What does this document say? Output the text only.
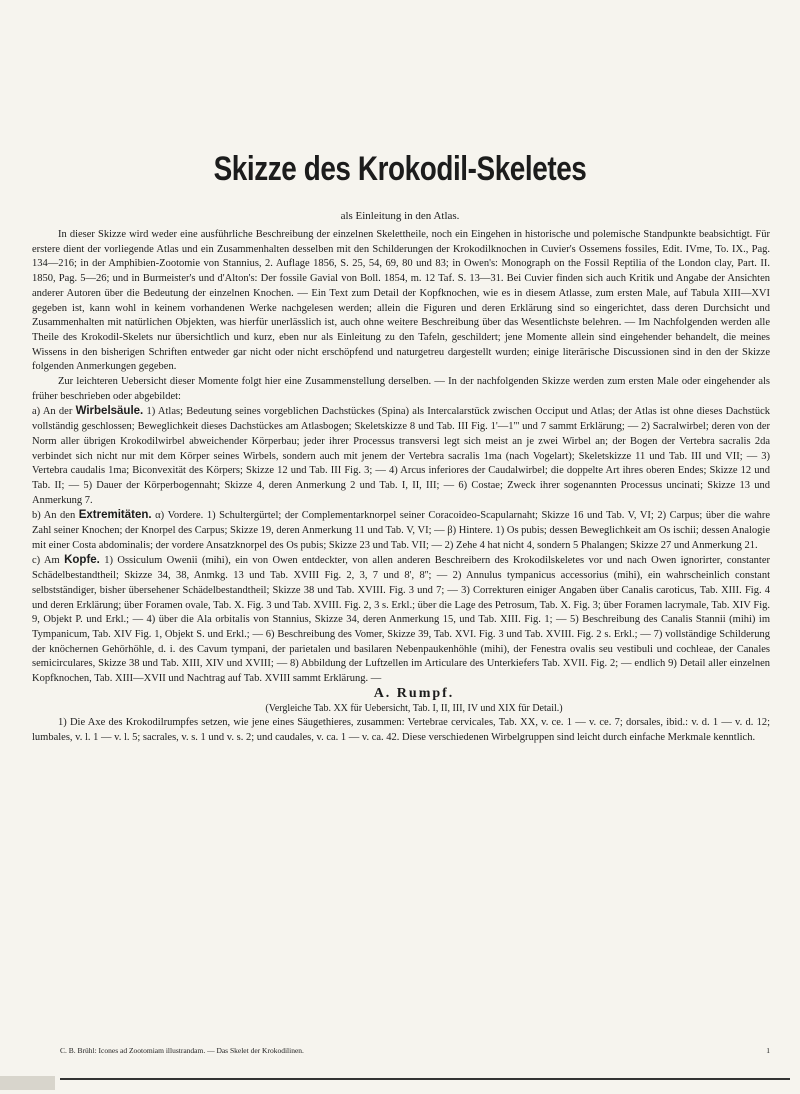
Skizze des Krokodil-Skeletes
als Einleitung in den Atlas.

In dieser Skizze wird weder eine ausführliche Beschreibung der einzelnen Skelettheile, noch ein Eingehen in historische und polemische Standpunkte beabsichtigt. Für erstere dient der vorliegende Atlas und ein Zusammenhalten desselben mit den Schilderungen der Krokodilknochen in Cuvier's Ossemens fossiles, Edit. IVme, To. IX., Pag. 134—216; in der Amphibien-Zootomie von Stannius, 2. Auflage 1856, S. 25, 54, 69, 80 und 83; in Owen's: Monograph on the Fossil Reptilia of the London clay, Part. II. 1850, Pag. 5—26; und in Burmeister's und d'Alton's: Der fossile Gavial von Boll. 1854, m. 12 Taf. S. 13—31. Bei Cuvier finden sich auch Kritik und Angabe der Ansichten anderer Autoren über die Bedeutung der einzelnen Knochen. — Ein Text zum Detail der Kopfknochen, wie es in diesem Atlasse, zum ersten Male, auf Tabula XIII—XVI gegeben ist, kann wohl in keinem vorhandenen Werke nachgelesen werden; allein die Figuren und deren Erklärung sind so eingerichtet, dass deren Durchsicht und Zusammenhalten mit natürlichen Objekten, was hierfür unerlässlich ist, auch ohne weitere Beschreibung über das Wesentlichste belehren. — Im Nachfolgenden werden alle Theile des Krokodil-Skelets nur übersichtlich und kurz, eben nur als Einleitung zu den Tafeln, geschildert; jene Momente allein sind eingehender behandelt, die meines Wissens in den bisherigen Schriften entweder gar nicht oder nicht erschöpfend und naturgetreu dargestellt wurden; einige literärische Discussionen sind in den der Skizze folgenden Anmerkungen gegeben.

Zur leichteren Uebersicht dieser Momente folgt hier eine Zusammenstellung derselben. — In der nachfolgenden Skizze werden zum ersten Male oder eingehender als früher beschrieben oder abgebildet:

a) An der Wirbelsäule. 1) Atlas; Bedeutung seines vorgeblichen Dachstückes (Spina) als Intercalarstück zwischen Occiput und Atlas; der Atlas ist ohne dieses Dachstück vollständig geschlossen; Beweglichkeit dieses Dachstückes am Atlasbogen; Skeletskizze 8 und Tab. III Fig. 1'—1''' und 7 sammt Erklärung; — 2) Sacralwirbel; deren von der Norm aller übrigen Krokodilwirbel abweichender Körperbau; jeder ihrer Processus transversi legt sich meist an je zwei Wirbel an; der Bogen der Vertebra sacralis 2da verbindet sich nicht nur mit dem Körper seines Wirbels, sondern auch mit jenem der Vertebra sacralis 1ma (nach Vogelart); Skeletskizze 11 und Tab. III und VII; — 3) Vertebra caudalis 1ma; Biconvexität des Körpers; Skizze 12 und Tab. III Fig. 3; — 4) Arcus inferiores der Caudalwirbel; die doppelte Art ihres oberen Endes; Skizze 12 und Tab. II; — 5) Dauer der Körperbogennaht; Skizze 4, deren Anmerkung 2 und Tab. I, II, III; — 6) Costae; Zweck ihrer sogenannten Processus uncinati; Skizze 13 und Anmerkung 7.

b) An den Extremitäten. α) Vordere. 1) Schultergürtel; der Complementarknorpel seiner Coracoideo-Scapularnaht; Skizze 16 und Tab. V, VI; 2) Carpus; über die wahre Zahl seiner Knochen; der Knorpel des Carpus; Skizze 19, deren Anmerkung 11 und Tab. V, VI; — β) Hintere. 1) Os pubis; dessen Beweglichkeit am Os ischii; dessen Analogie mit einer Costa abdominalis; der vordere Ansatzknorpel des Os pubis; Skizze 23 und Tab. VII; — 2) Zehe 4 hat nicht 4, sondern 5 Phalangen; Skizze 27 und Anmerkung 21.

c) Am Kopfe. 1) Ossiculum Owenii (mihi), ein von Owen entdeckter, von allen anderen Beschreibern des Krokodilskeletes vor und nach Owen ignorirter, constanter Schädelbestandtheil; Skizze 34, 38, Anmkg. 13 und Tab. XVIII Fig. 2, 3, 7 und 8', 8''; — 2) Annulus tympanicus accessorius (mihi), ein wahrscheinlich constant selbstständiger, bisher übersehener Schädelbestandtheil; Skizze 38 und Tab. XVIII. Fig. 3 und 7; — 3) Correkturen einiger Angaben über Canalis caroticus, Tab. XIII. Fig. 4 und deren Erklärung; über Foramen ovale, Tab. X. Fig. 3 und Tab. XVIII. Fig. 2, 3 s. Erkl.; über die Lage des Petrosum, Tab. X. Fig. 3; über Foramen lacrymale, Tab. XIV Fig. 9, Objekt P. und Erkl.; — 4) über die Ala orbitalis von Stannius, Skizze 34, deren Anmerkung 15, und Tab. XIII. Fig. 1; — 5) Beschreibung des Canalis Stannii (mihi) im Tympanicum, Tab. XIV Fig. 1, Objekt S. und Erkl.; — 6) Beschreibung des Vomer, Skizze 39, Tab. XVI. Fig. 3 und Tab. XVIII. Fig. 2 s. Erkl.; — 7) vollständige Schilderung der knöchernen Gehörhöhle, d. i. des Cavum tympani, der parietalen und basilaren Nebenpaukenhöhle (mihi), der Fenestra ovalis seu vestibuli und cochleae, der Canales semicirculares, Skizze 38 und Tab. XIII, XIV und XVIII; — 8) Abbildung der Luftzellen im Articulare des Unterkiefers Tab. XVII. Fig. 2; — endlich 9) Detail aller einzelnen Kopfknochen, Tab. XIII—XVII und Nachtrag auf Tab. XVIII sammt Erklärung. —

A. Rumpf.

(Vergleiche Tab. XX für Uebersicht, Tab. I, II, III, IV und XIX für Detail.)

1) Die Axe des Krokodilrumpfes setzen, wie jene eines Säugethieres, zusammen: Vertebrae cervicales, Tab. XX, v. ce. 1 — v. ce. 7; dorsales, ibid.: v. d. 1 — v. d. 12; lumbales, v. l. 1 — v. l. 5; sacrales, v. s. 1 und v. s. 2; und caudales, v. ca. 1 — v. ca. 42. Diese verschiedenen Wirbelgruppen sind leicht durch einfache Merkmale kenntlich.

C. B. Brühl: Icones ad Zootomiam illustrandam. — Das Skelet der Krokodilinen.	1
